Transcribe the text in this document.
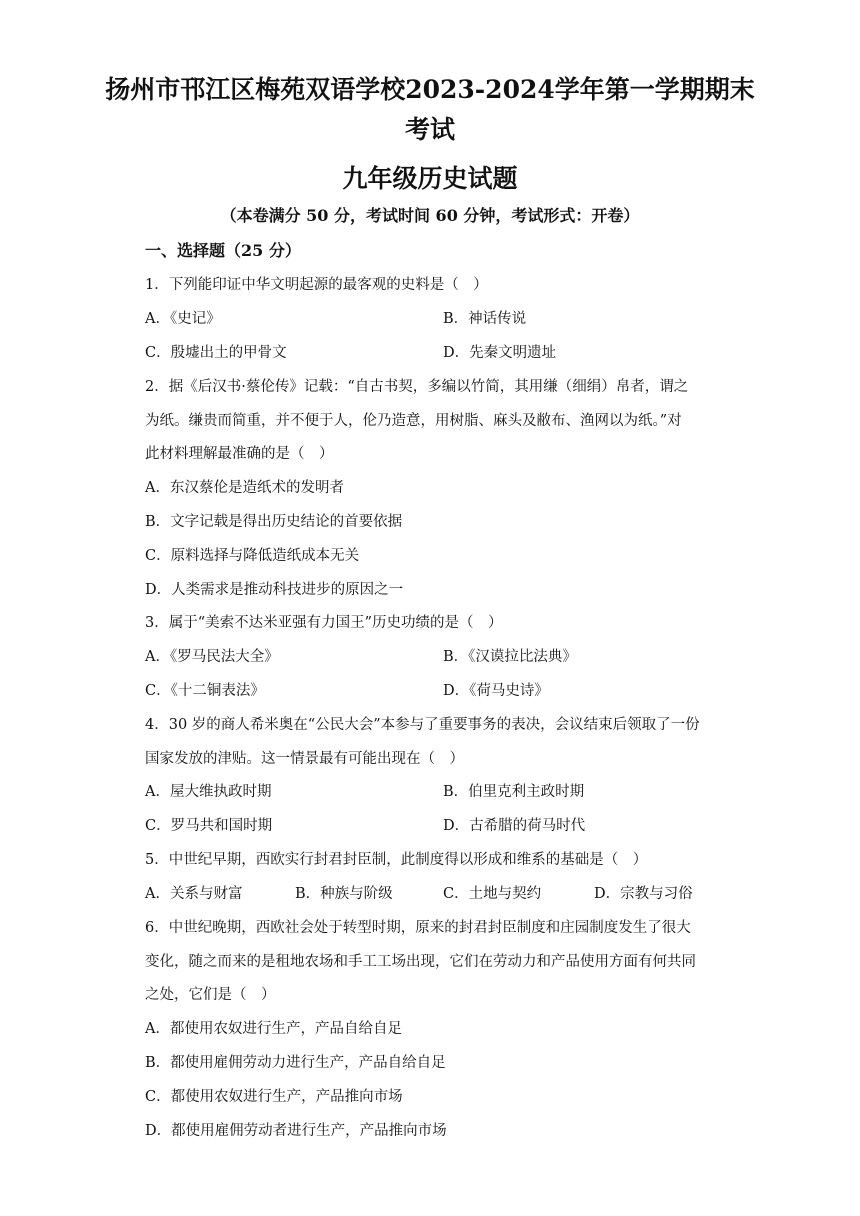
扬州市邗江区梅苑双语学校2023-2024学年第一学期期末
考试
九年级历史试题
（本卷满分 50 分，考试时间 60 分钟，考试形式：开卷）
一、选择题（25 分）
1．下列能印证中华文明起源的最客观的史料是（　）
A．《史记》	B．神话传说
C．殷墟出土的甲骨文	D．先秦文明遗址
2．据《后汉书·蔡伦传》记载：“自古书契，多编以竹简，其用缣（细绢）帛者，谓之
为纸。缣贵而简重，并不便于人，伦乃造意，用树脂、麻头及敝布、渔网以为纸。”对
此材料理解最准确的是（　）
A．东汉蔡伦是造纸术的发明者
B．文字记载是得出历史结论的首要依据
C．原料选择与降低造纸成本无关
D．人类需求是推动科技进步的原因之一
3．属于“美索不达米亚强有力国王”历史功绩的是（　）
A．《罗马民法大全》	B．《汉谟拉比法典》
C．《十二铜表法》	D．《荷马史诗》
4．30 岁的商人希米奥在“公民大会”本参与了重要事务的表决，会议结束后领取了一份
国家发放的津贴。这一情景最有可能出现在（　）
A．屋大维执政时期	B．伯里克利主政时期
C．罗马共和国时期	D．古希腊的荷马时代
5．中世纪早期，西欧实行封君封臣制，此制度得以形成和维系的基础是（　）
A．关系与财富	B．种族与阶级	C．土地与契约	D．宗教与习俗
6．中世纪晚期，西欧社会处于转型时期，原来的封君封臣制度和庄园制度发生了很大
变化，随之而来的是租地农场和手工工场出现，它们在劳动力和产品使用方面有何共同
之处，它们是（　）
A．都使用农奴进行生产，产品自给自足
B．都使用雇佣劳动力进行生产，产品自给自足
C．都使用农奴进行生产，产品推向市场
D．都使用雇佣劳动者进行生产，产品推向市场
